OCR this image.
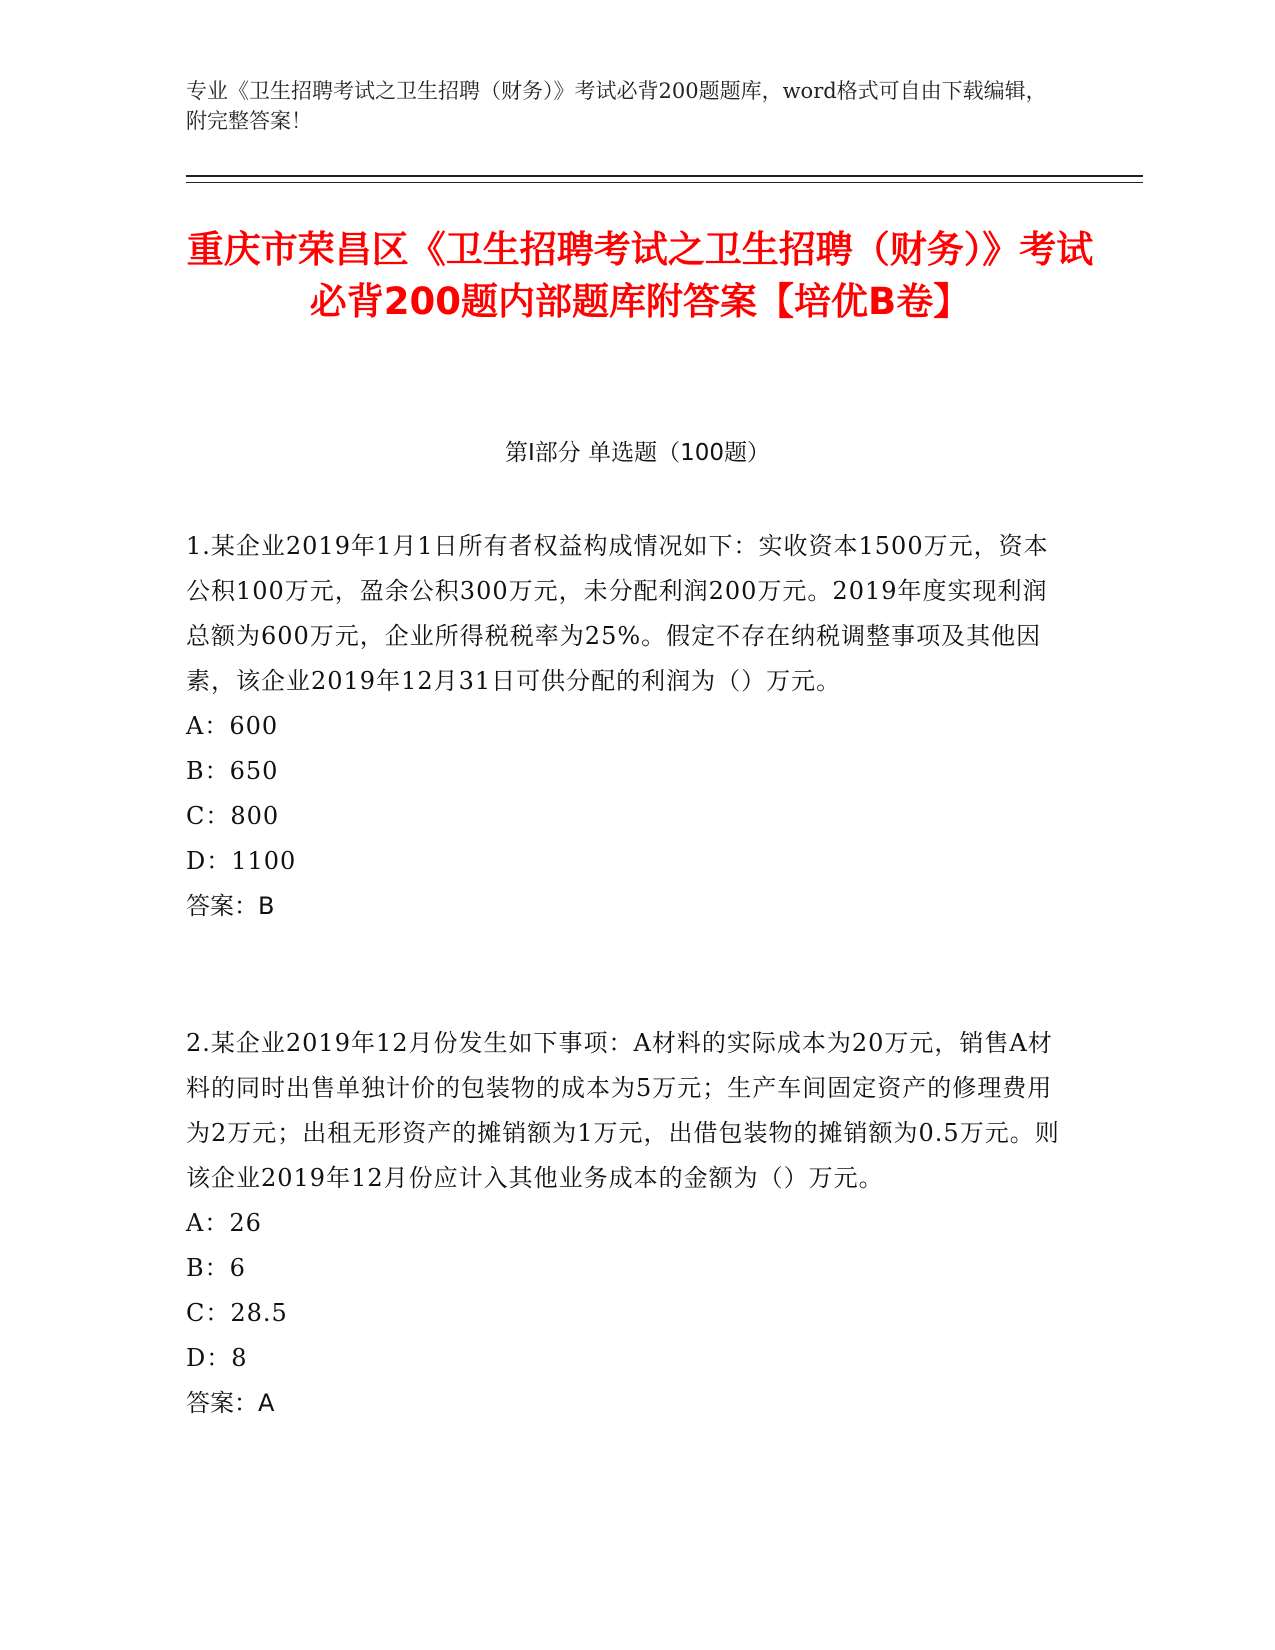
专业《卫生招聘考试之卫生招聘（财务）》考试必背200题题库，word格式可自由下载编辑，附完整答案！
重庆市荣昌区《卫生招聘考试之卫生招聘（财务）》考试必背200题内部题库附答案【培优B卷】
第Ⅰ部分 单选题（100题）
1.某企业2019年1月1日所有者权益构成情况如下：实收资本1500万元，资本公积100万元，盈余公积300万元，未分配利润200万元。2019年度实现利润总额为600万元，企业所得税税率为25%。假定不存在纳税调整事项及其他因素，该企业2019年12月31日可供分配的利润为（）万元。
A：600
B：650
C：800
D：1100
答案：B
2.某企业2019年12月份发生如下事项：A材料的实际成本为20万元，销售A材料的同时出售单独计价的包装物的成本为5万元；生产车间固定资产的修理费用为2万元；出租无形资产的摊销额为1万元，出借包装物的摊销额为0.5万元。则该企业2019年12月份应计入其他业务成本的金额为（）万元。
A：26
B：6
C：28.5
D：8
答案：A
